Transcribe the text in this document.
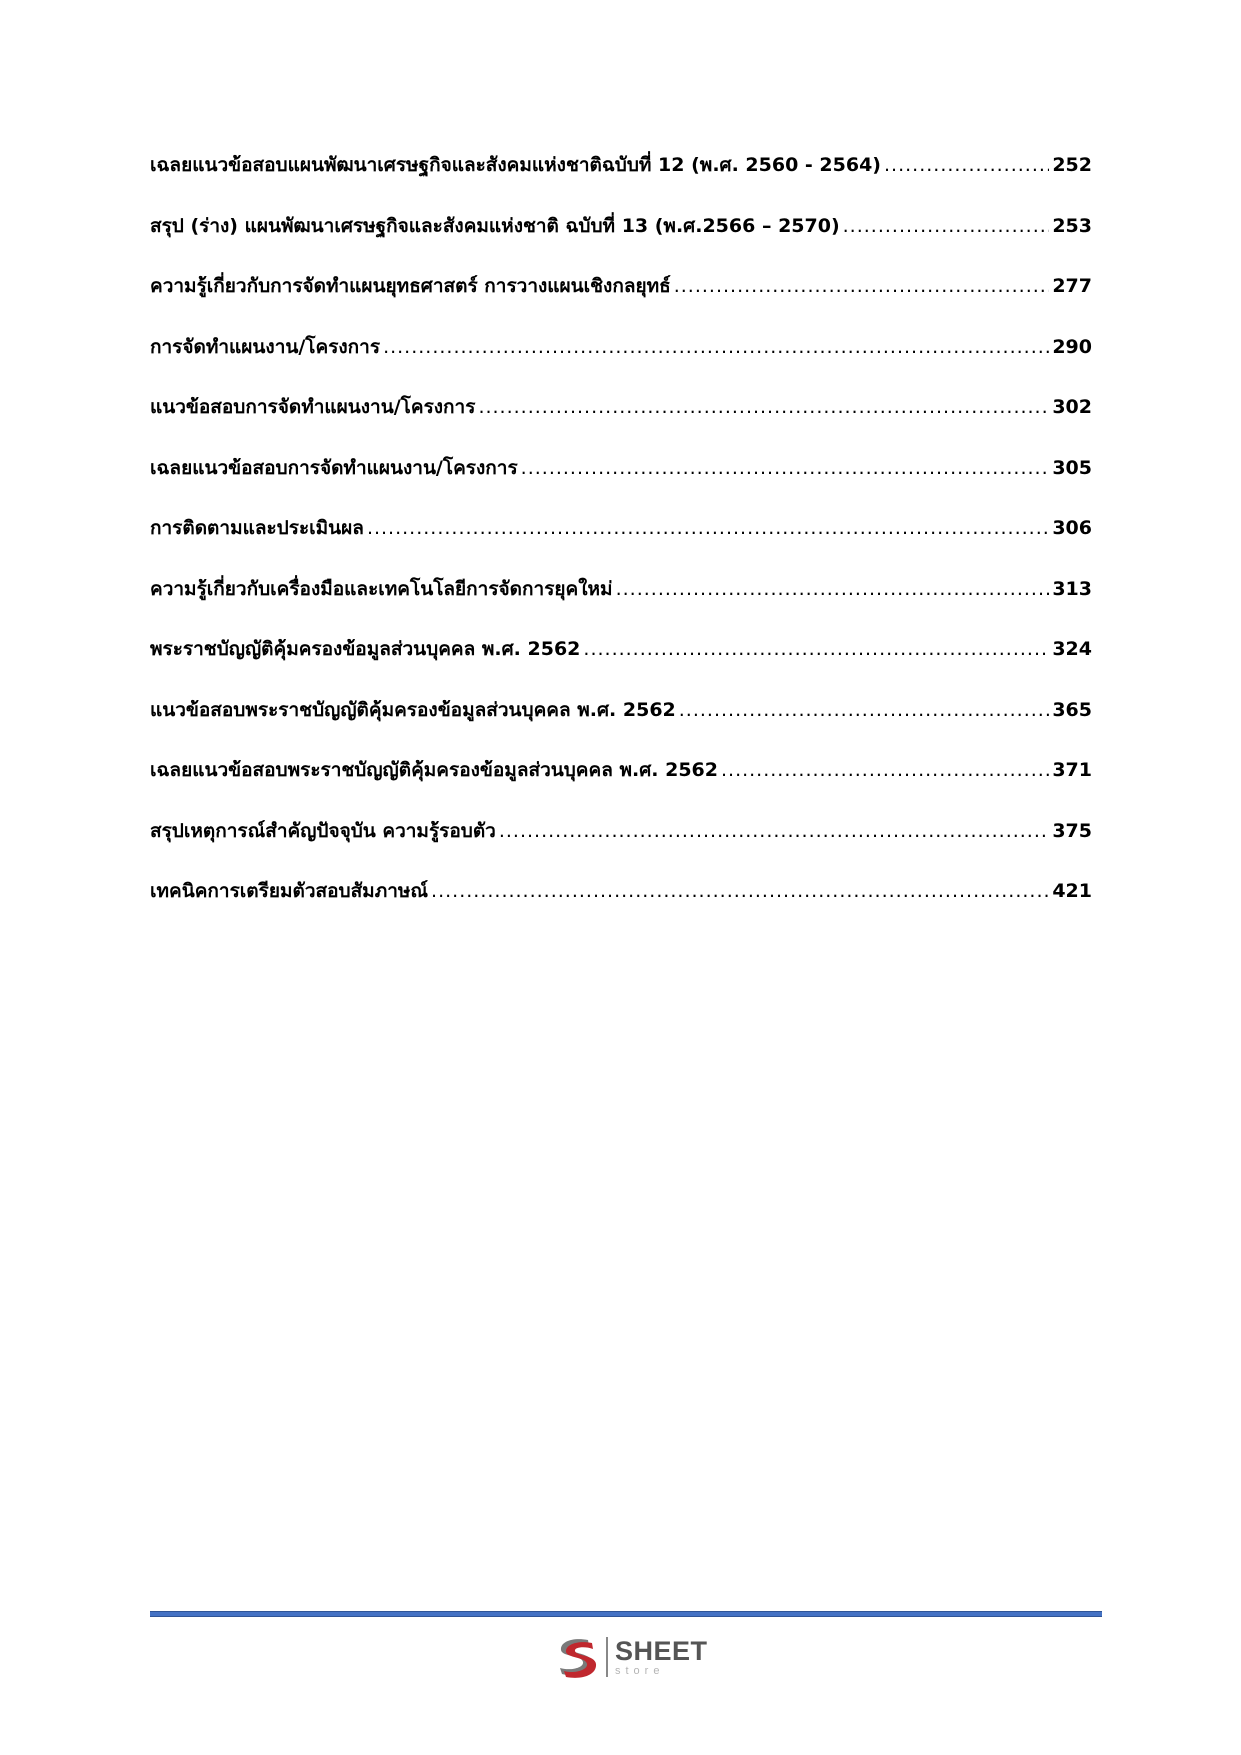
เฉลยแนวข้อสอบแผนพัฒนาเศรษฐกิจและสังคมแห่งชาติฉบับที่ 12 (พ.ศ. 2560 - 2564) .....	252
สรุป (ร่าง) แผนพัฒนาเศรษฐกิจและสังคมแห่งชาติ ฉบับที่ 13 (พ.ศ.2566 – 2570) .....	253
ความรู้เกี่ยวกับการจัดทำแผนยุทธศาสตร์ การวางแผนเชิงกลยุทธ์ .....	277
การจัดทำแผนงาน/โครงการ .....	290
แนวข้อสอบการจัดทำแผนงาน/โครงการ .....	302
เฉลยแนวข้อสอบการจัดทำแผนงาน/โครงการ .....	305
การติดตามและประเมินผล .....	306
ความรู้เกี่ยวกับเครื่องมือและเทคโนโลยีการจัดการยุคใหม่ .....	313
พระราชบัญญัติคุ้มครองข้อมูลส่วนบุคคล พ.ศ. 2562 .....	324
แนวข้อสอบพระราชบัญญัติคุ้มครองข้อมูลส่วนบุคคล พ.ศ. 2562 .....	365
เฉลยแนวข้อสอบพระราชบัญญัติคุ้มครองข้อมูลส่วนบุคคล พ.ศ. 2562 .....	371
สรุปเหตุการณ์สำคัญปัจจุบัน ความรู้รอบตัว .....	375
เทคนิคการเตรียมตัวสอบสัมภาษณ์ .....	421
SHEET
store
